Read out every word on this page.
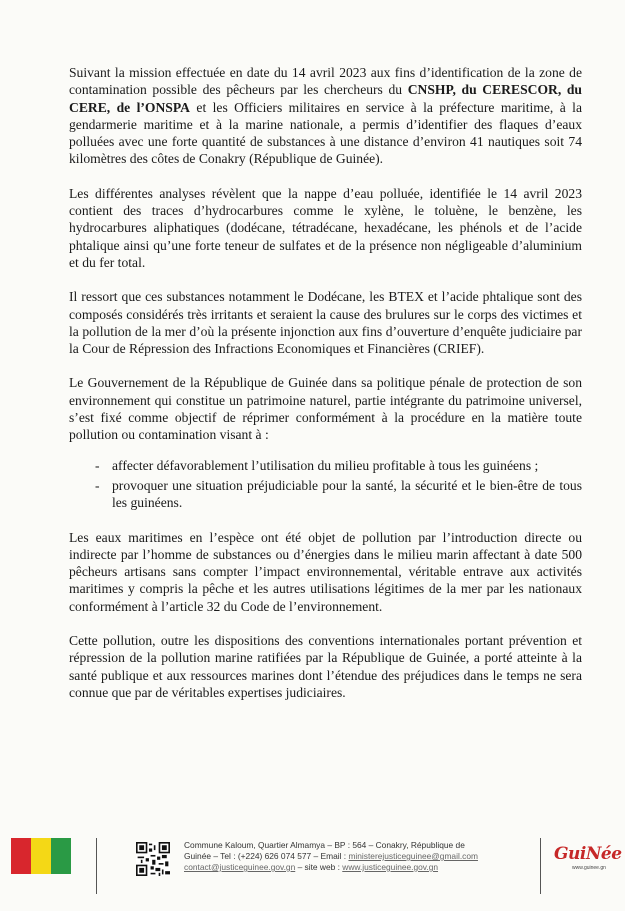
Suivant la mission effectuée en date du 14 avril 2023 aux fins d’identification de la zone de contamination possible des pêcheurs par les chercheurs du CNSHP, du CERESCOR, du CERE, de l’ONSPA et les Officiers militaires en service à la préfecture maritime, à la gendarmerie maritime et à la marine nationale, a permis d’identifier des flaques d’eaux polluées avec une forte quantité de substances à une distance d’environ 41 nautiques soit 74 kilomètres des côtes de Conakry (République de Guinée).

Les différentes analyses révèlent que la nappe d’eau polluée, identifiée le 14 avril 2023 contient des traces d’hydrocarbures comme le xylène, le toluène, le benzène, les hydrocarbures aliphatiques (dodécane, tétradécane, hexadécane, les phénols et de l’acide phtalique ainsi qu’une forte teneur de sulfates et de la présence non négligeable d’aluminium et du fer total.

Il ressort que ces substances notamment le Dodécane, les BTEX et l’acide phtalique sont des composés considérés très irritants et seraient la cause des brulures sur le corps des victimes et la pollution de la mer d’où la présente injonction aux fins d’ouverture d’enquête judiciaire par la Cour de Répression des Infractions Economiques et Financières (CRIEF).

Le Gouvernement de la République de Guinée dans sa politique pénale de protection de son environnement qui constitue un patrimoine naturel, partie intégrante du patrimoine universel, s’est fixé comme objectif de réprimer conformément à la procédure en la matière toute pollution ou contamination visant à :

- affecter défavorablement l’utilisation du milieu profitable à tous les guinéens ;
- provoquer une situation préjudiciable pour la santé, la sécurité et le bien-être de tous les guinéens.

Les eaux maritimes en l’espèce ont été objet de pollution par l’introduction directe ou indirecte par l’homme de substances ou d’énergies dans le milieu marin affectant à date 500 pêcheurs artisans sans compter l’impact environnemental, véritable entrave aux activités maritimes y compris la pêche et les autres utilisations légitimes de la mer par les nationaux conformément à l’article 32 du Code de l’environnement.

Cette pollution, outre les dispositions des conventions internationales portant prévention et répression de la pollution marine ratifiées par la République de Guinée, a porté atteinte à la santé publique et aux ressources marines dont l’étendue des préjudices dans le temps ne sera connue que par de véritables expertises judiciaires.

Commune Kaloum, Quartier Almamya – BP : 564 – Conakry, République de
Guinée – Tel : (+224) 626 074 577 – Email : ministerejusticeguinee@gmail.com
contact@justiceguinee.gov.gn – site web : www.justiceguinee.gov.gn
GuiNée
www.guinee.gn
